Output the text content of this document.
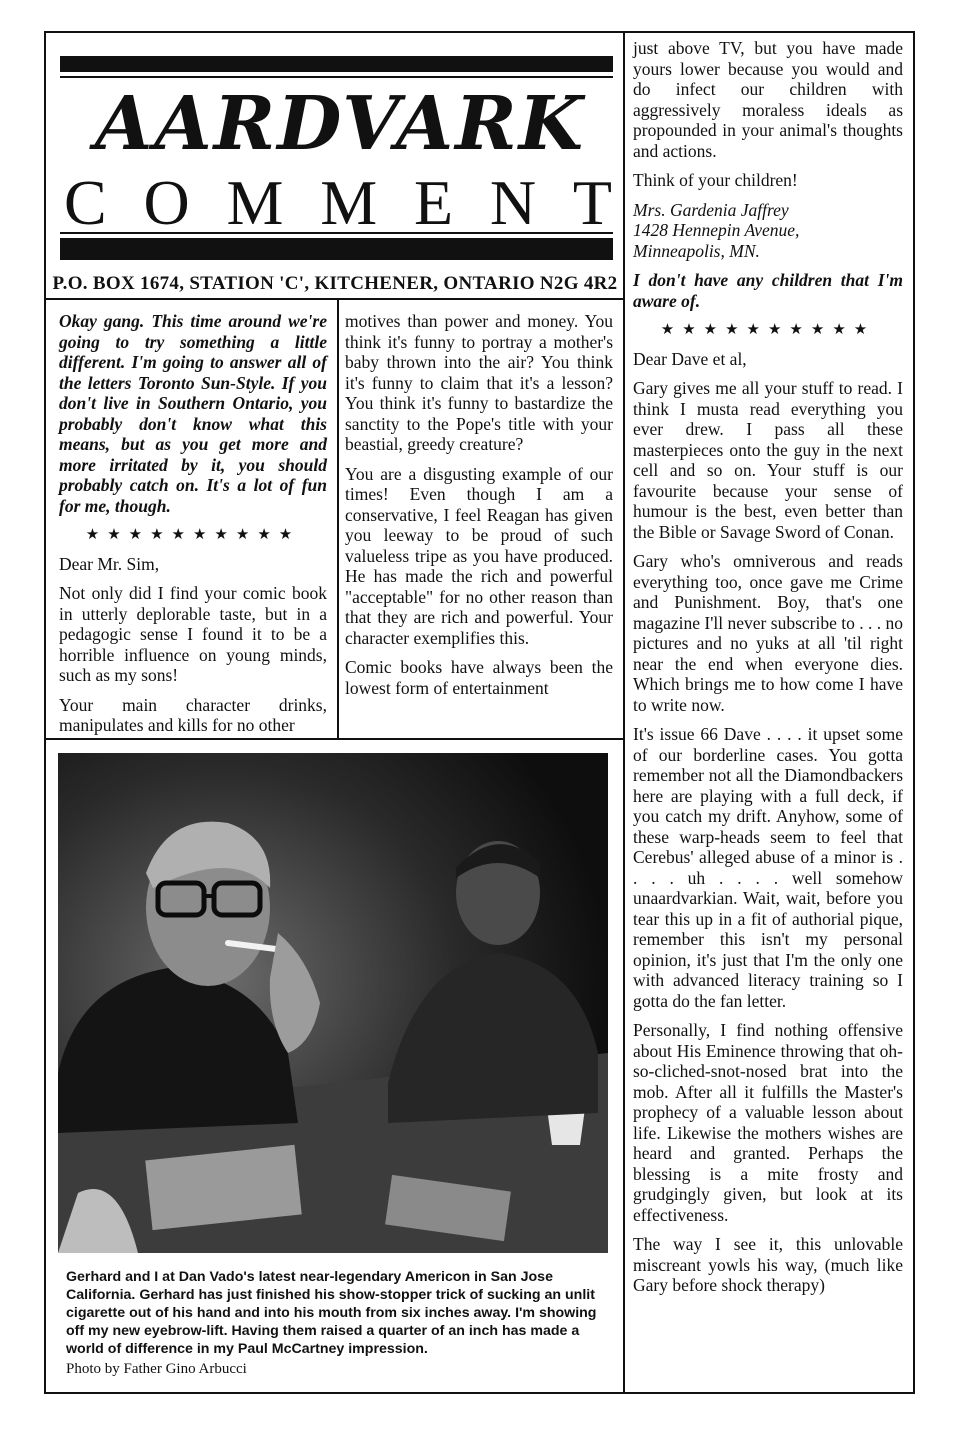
AARDVARK
C O M M E N T
P.O. BOX 1674, STATION 'C', KITCHENER, ONTARIO N2G 4R2

Okay gang. This time around we're going to try something a little different. I'm going to answer all of the letters Toronto Sun-Style. If you don't live in Southern Ontario, you probably don't know what this means, but as you get more and more irritated by it, you should probably catch on. It's a lot of fun for me, though.

★★★★★★★★★★

Dear Mr. Sim,

Not only did I find your comic book in utterly deplorable taste, but in a pedagogic sense I found it to be a horrible influence on young minds, such as my sons!

Your main character drinks, manipulates and kills for no other

motives than power and money. You think it's funny to portray a mother's baby thrown into the air? You think it's funny to claim that it's a lesson? You think it's funny to bastardize the sanctity to the Pope's title with your beastial, greedy creature?

You are a disgusting example of our times! Even though I am a conservative, I feel Reagan has given you leeway to be proud of such valueless tripe as you have produced. He has made the rich and powerful "acceptable" for no other reason than that they are rich and powerful. Your character exemplifies this.

Comic books have always been the lowest form of entertainment

just above TV, but you have made yours lower because you would and do infect our children with aggressively moraless ideals as propounded in your animal's thoughts and actions.

Think of your children!

Mrs. Gardenia Jaffrey
1428 Hennepin Avenue,
Minneapolis, MN.

I don't have any children that I'm aware of.

★★★★★★★★★★

Dear Dave et al,

Gary gives me all your stuff to read. I think I musta read everything you ever drew. I pass all these masterpieces onto the guy in the next cell and so on. Your stuff is our favourite because your sense of humour is the best, even better than the Bible or Savage Sword of Conan.

Gary who's omniverous and reads everything too, once gave me Crime and Punishment. Boy, that's one magazine I'll never subscribe to . . . no pictures and no yuks at all 'til right near the end when everyone dies. Which brings me to how come I have to write now.

It's issue 66 Dave . . . . it upset some of our borderline cases. You gotta remember not all the Diamondbackers here are playing with a full deck, if you catch my drift. Anyhow, some of these warp-heads seem to feel that Cerebus' alleged abuse of a minor is . . . . uh . . . . well somehow unaardvarkian. Wait, wait, before you tear this up in a fit of authorial pique, remember this isn't my personal opinion, it's just that I'm the only one with advanced literacy training so I gotta do the fan letter.

Personally, I find nothing offensive about His Eminence throwing that oh-so-cliched-snot-nosed brat into the mob. After all it fulfills the Master's prophecy of a valuable lesson about life. Likewise the mothers wishes are heard and granted. Perhaps the blessing is a mite frosty and grudgingly given, but look at its effectiveness.

The way I see it, this unlovable miscreant yowls his way, (much like Gary before shock therapy)

Gerhard and I at Dan Vado's latest near-legendary Americon in San Jose California. Gerhard has just finished his show-stopper trick of sucking an unlit cigarette out of his hand and into his mouth from six inches away. I'm showing off my new eyebrow-lift. Having them raised a quarter of an inch has made a world of difference in my Paul McCartney impression.
Photo by Father Gino Arbucci
